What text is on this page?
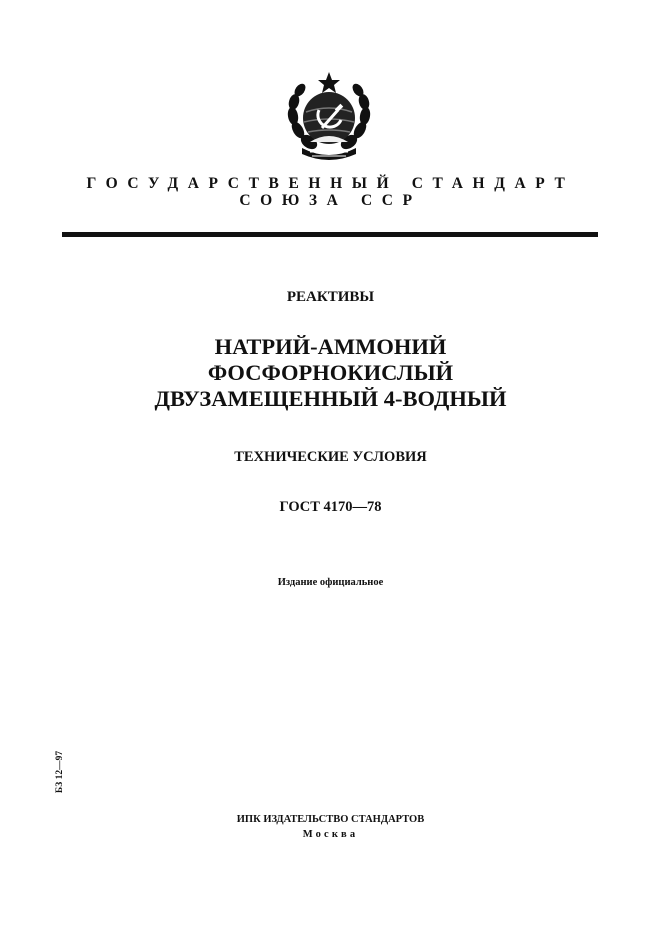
ГОСУДАРСТВЕННЫЙ СТАНДАРТ
СОЮЗА ССР
РЕАКТИВЫ
НАТРИЙ-АММОНИЙ
ФОСФОРНОКИСЛЫЙ
ДВУЗАМЕЩЕННЫЙ 4-ВОДНЫЙ
ТЕХНИЧЕСКИЕ УСЛОВИЯ
ГОСТ 4170—78
Издание официальное
БЗ 12—97
ИПК ИЗДАТЕЛЬСТВО СТАНДАРТОВ
Москва
